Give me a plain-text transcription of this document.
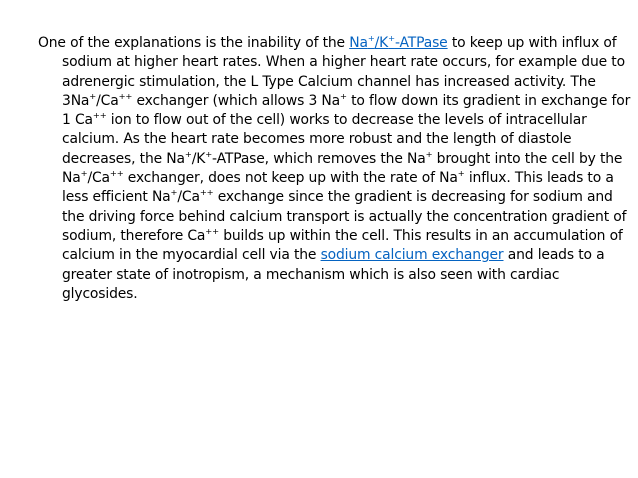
One of the explanations is the inability of the Na+/K+-ATPase to keep up with influx of sodium at higher heart rates. When a higher heart rate occurs, for example due to adrenergic stimulation, the L Type Calcium channel has increased activity. The 3Na+/Ca++ exchanger (which allows 3 Na+ to flow down its gradient in exchange for 1 Ca++ ion to flow out of the cell) works to decrease the levels of intracellular calcium. As the heart rate becomes more robust and the length of diastole decreases, the Na+/K+-ATPase, which removes the Na+ brought into the cell by the Na+/Ca++ exchanger, does not keep up with the rate of Na+ influx. This leads to a less efficient Na+/Ca++ exchange since the gradient is decreasing for sodium and the driving force behind calcium transport is actually the concentration gradient of sodium, therefore Ca++ builds up within the cell. This results in an accumulation of calcium in the myocardial cell via the sodium calcium exchanger and leads to a greater state of inotropism, a mechanism which is also seen with cardiac glycosides.
